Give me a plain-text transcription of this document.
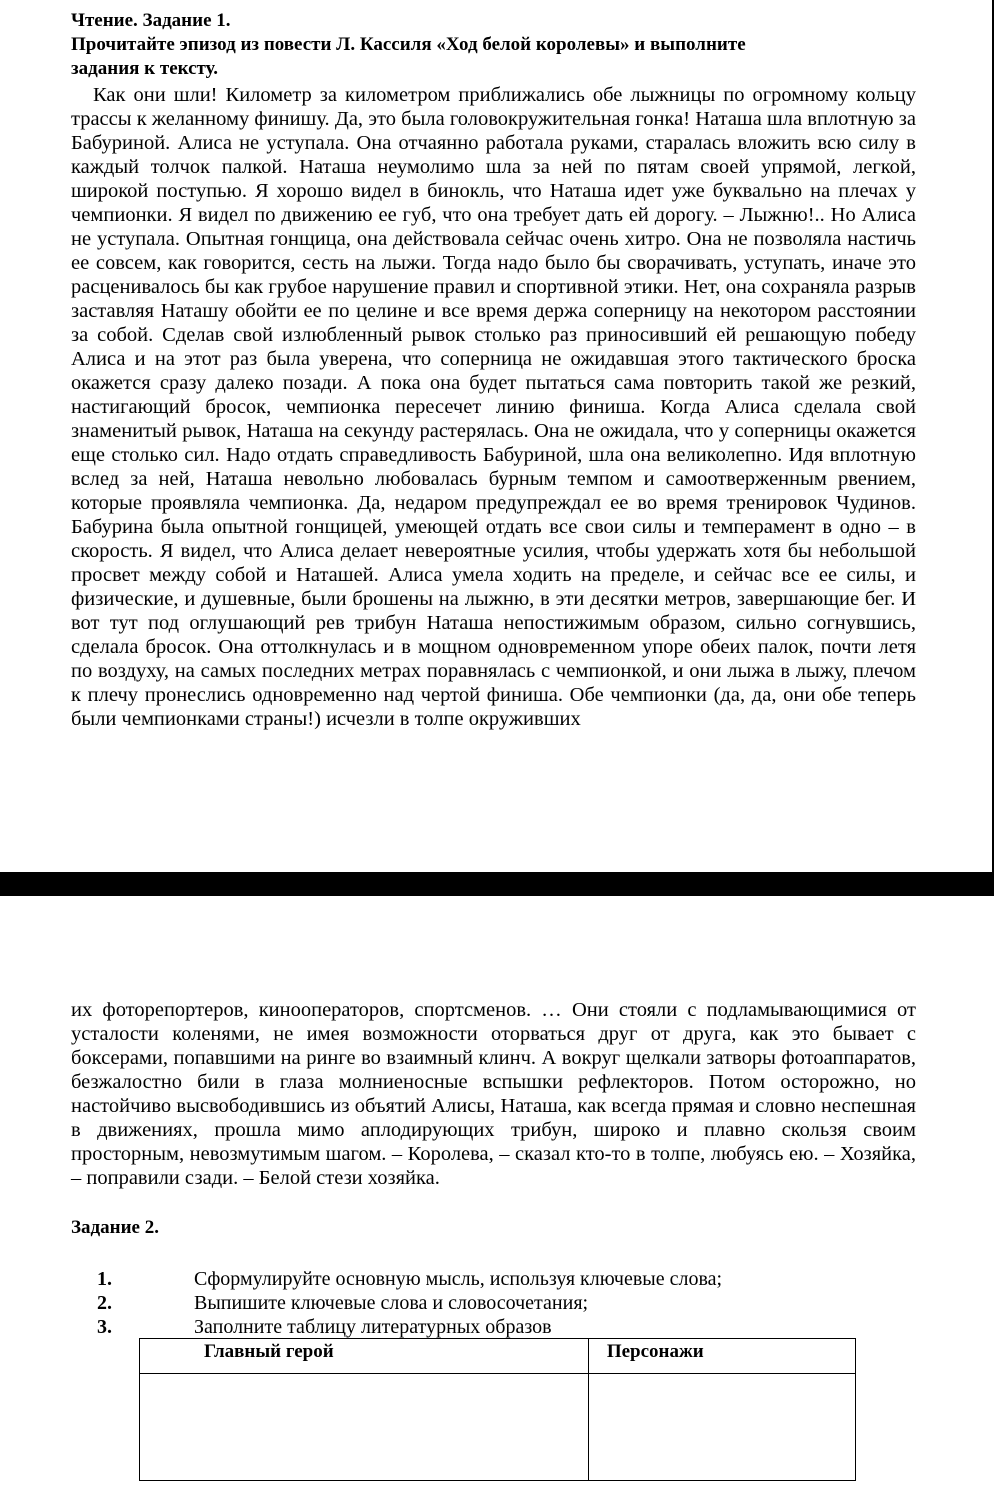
Чтение. Задание 1.
Прочитайте эпизод из повести Л. Кассиля «Ход белой королевы» и выполните
задания к тексту.

Как они шли! Километр за километром приближались обе лыжницы по огромному кольцу трассы к желанному финишу. Да, это была головокружительная гонка! Наташа шла вплотную за Бабуриной. Алиса не уступала. Она отчаянно работала руками, старалась вложить всю силу в каждый толчок палкой. Наташа неумолимо шла за ней по пятам своей упрямой, легкой, широкой поступью. Я хорошо видел в бинокль, что Наташа идет уже буквально на плечах у чемпионки. Я видел по движению ее губ, что она требует дать ей дорогу. – Лыжню!.. Но Алиса не уступала. Опытная гонщица, она действовала сейчас очень хитро. Она не позволяла настичь ее совсем, как говорится, сесть на лыжи. Тогда надо было бы сворачивать, уступать, иначе это расценивалось бы как грубое нарушение правил и спортивной этики. Нет, она сохраняла разрыв заставляя Наташу обойти ее по целине и все время держа соперницу на некотором расстоянии за собой. Сделав свой излюбленный рывок столько раз приносивший ей решающую победу Алиса и на этот раз была уверена, что соперница не ожидавшая этого тактического броска окажется сразу далеко позади. А пока она будет пытаться сама повторить такой же резкий, настигающий бросок, чемпионка пересечет линию финиша. Когда Алиса сделала свой знаменитый рывок, Наташа на секунду растерялась. Она не ожидала, что у соперницы окажется еще столько сил. Надо отдать справедливость Бабуриной, шла она великолепно. Идя вплотную вслед за ней, Наташа невольно любовалась бурным темпом и самоотверженным рвением, которые проявляла чемпионка. Да, недаром предупреждал ее во время тренировок Чудинов. Бабурина была опытной гонщицей, умеющей отдать все свои силы и темперамент в одно – в скорость. Я видел, что Алиса делает невероятные усилия, чтобы удержать хотя бы небольшой просвет между собой и Наташей. Алиса умела ходить на пределе, и сейчас все ее силы, и физические, и душевные, были брошены на лыжню, в эти десятки метров, завершающие бег. И вот тут под оглушающий рев трибун Наташа непостижимым образом, сильно согнувшись, сделала бросок. Она оттолкнулась и в мощном одновременном упоре обеих палок, почти летя по воздуху, на самых последних метрах поравнялась с чемпионкой, и они лыжа в лыжу, плечом к плечу пронеслись одновременно над чертой финиша. Обе чемпионки (да, да, они обе теперь были чемпионками страны!) исчезли в толпе окруживших

их фоторепортеров, кинооператоров, спортсменов. … Они стояли с подламывающимися от усталости коленями, не имея возможности оторваться друг от друга, как это бывает с боксерами, попавшими на ринге во взаимный клинч. А вокруг щелкали затворы фотоаппаратов, безжалостно били в глаза молниеносные вспышки рефлекторов. Потом осторожно, но настойчиво высвободившись из объятий Алисы, Наташа, как всегда прямая и словно неспешная в движениях, прошла мимо аплодирующих трибун, широко и плавно скользя своим просторным, невозмутимым шагом. – Королева, – сказал кто-то в толпе, любуясь ею. – Хозяйка, – поправили сзади. – Белой стези хозяйка.

Задание 2.
1.	Сформулируйте основную мысль, используя ключевые слова;
2.	Выпишите ключевые слова и словосочетания;
3.	Заполните таблицу литературных образов
Главный герой	Персонажи
